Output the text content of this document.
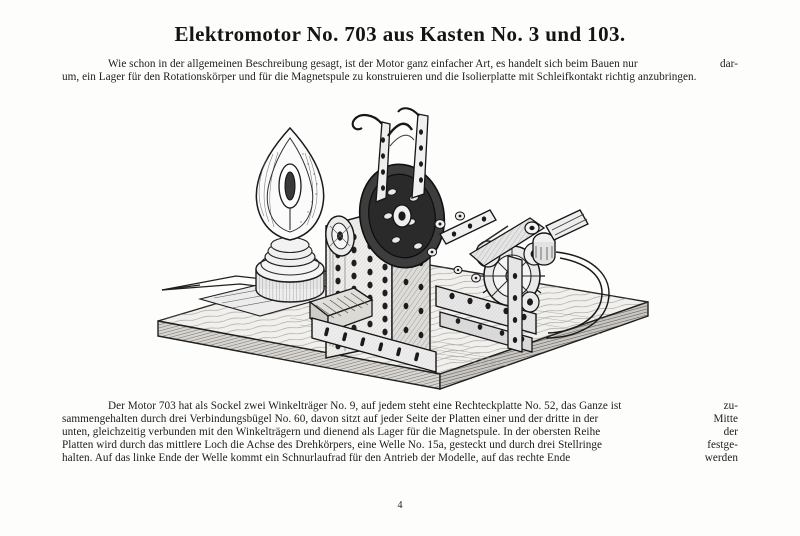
Elektromotor No. 703 aus Kasten No. 3 und 103.
Wie schon in der allgemeinen Beschreibung gesagt, ist der Motor ganz einfacher Art, es handelt sich beim Bauen nur	dar-
um, ein Lager für den Rotationskörper und für die Magnetspule zu konstruieren und die Isolierplatte mit Schleifkontakt richtig anzubringen.
Der Motor 703 hat als Sockel zwei Winkelträger No. 9, auf jedem steht eine Rechteckplatte No. 52, das Ganze ist	zu-
sammengehalten durch drei Verbindungsbügel No. 60, davon sitzt auf jeder Seite der Platten einer und der dritte in der	Mitte
unten, gleichzeitig verbunden mit den Winkelträgern und dienend als Lager für die Magnetspule. In der obersten Reihe	der
Platten wird durch das mittlere Loch die Achse des Drehkörpers, eine Welle No. 15a, gesteckt und durch drei Stellringe	festge-
halten. Auf das linke Ende der Welle kommt ein Schnurlaufrad für den Antrieb der Modelle, auf das rechte Ende	werden
4
